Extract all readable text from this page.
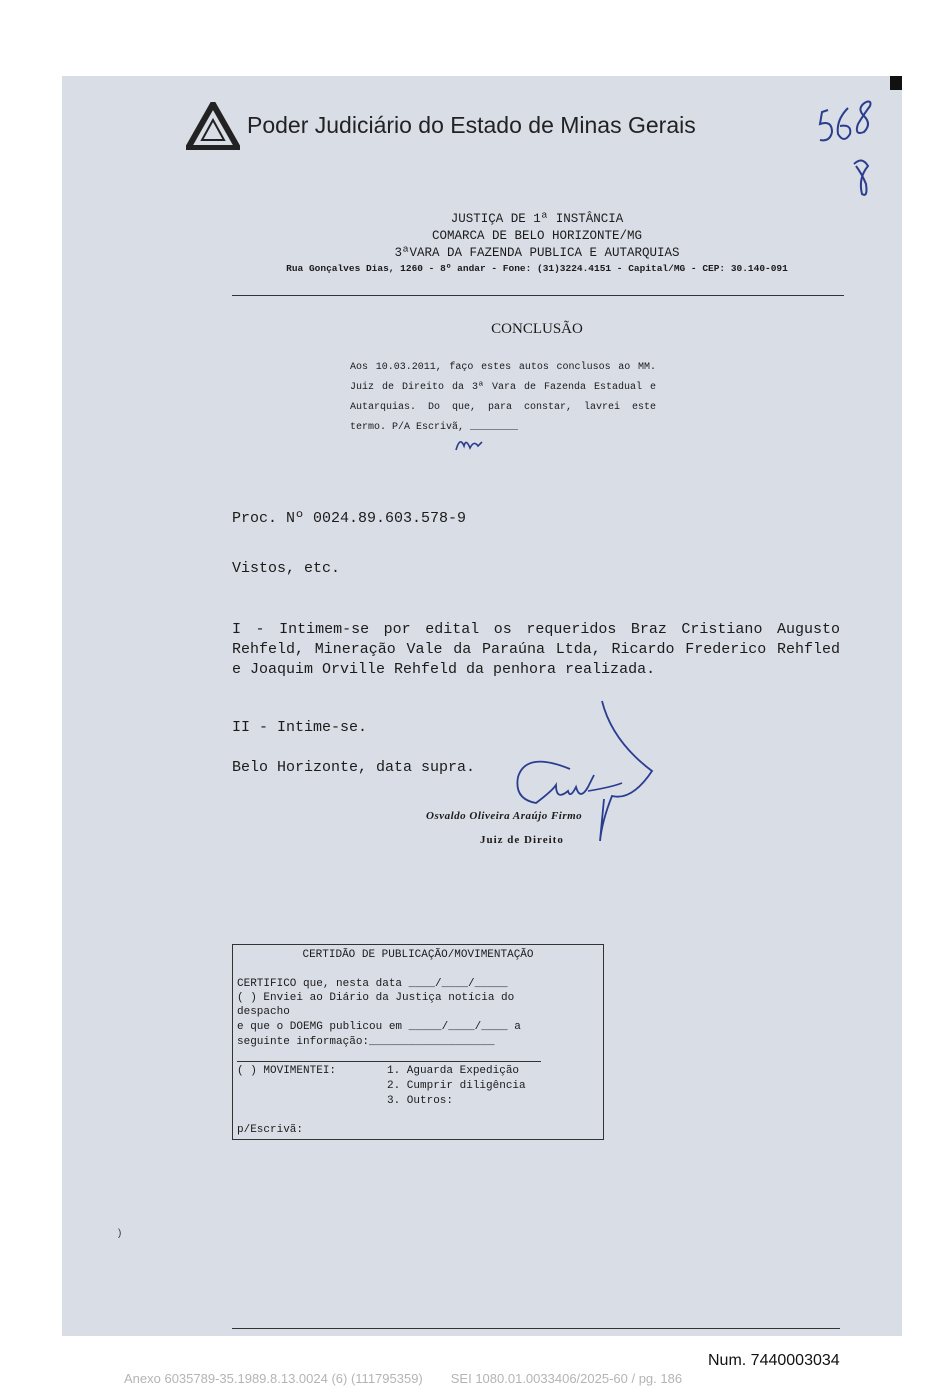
Poder Judiciário do Estado de Minas Gerais
JUSTIÇA DE 1ª INSTÂNCIA
COMARCA DE BELO HORIZONTE/MG
3ªVARA DA FAZENDA PUBLICA E AUTARQUIAS
Rua Gonçalves Dias, 1260 - 8º andar - Fone: (31)3224.4151 - Capital/MG - CEP: 30.140-091
CONCLUSÃO
Aos 10.03.2011, faço estes autos conclusos ao MM. Juiz de Direito da 3ª Vara de Fazenda Estadual e Autarquias. Do que, para constar, lavrei este termo. P/A Escrivã, ________
Proc. Nº 0024.89.603.578-9
Vistos, etc.
I - Intimem-se por edital os requeridos Braz Cristiano Augusto Rehfeld, Mineração Vale da Paraúna Ltda, Ricardo Frederico Rehfled e Joaquim Orville Rehfeld da penhora realizada.
II - Intime-se.
Belo Horizonte, data supra.
Osvaldo Oliveira Araújo Firmo
Juiz de Direito
CERTIDÃO DE PUBLICAÇÃO/MOVIMENTAÇÃO
CERTIFICO que, nesta data ____/____/_____
( ) Enviei ao Diário da Justiça notícia do
despacho
e que o DOEMG publicou em _____/____/____ a
seguinte informação:___________________
( ) MOVIMENTEI:	1. Aguarda Expedição
2. Cumprir diligência
3. Outros:
p/Escrivã:
)
Num. 7440003034
Anexo 6035789-35.1989.8.13.0024 (6) (111795359) SEI 1080.01.0033406/2025-60 / pg. 186
